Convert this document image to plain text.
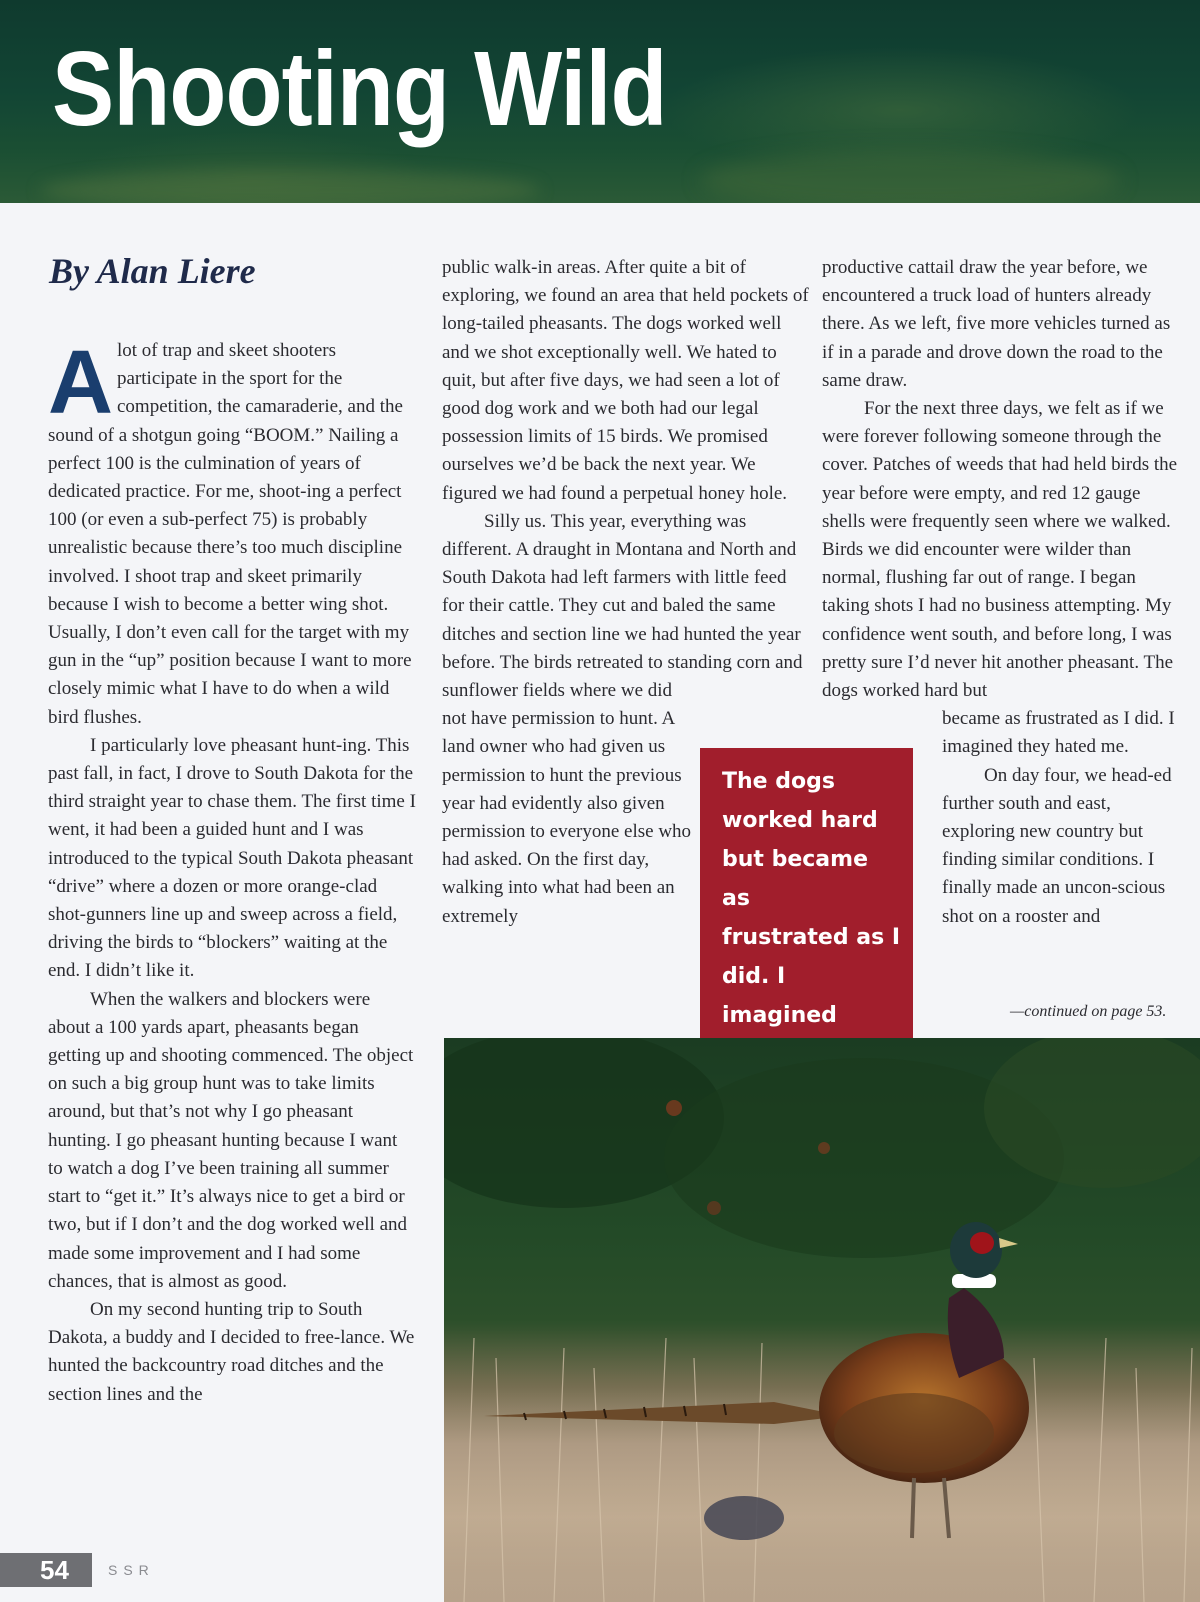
Shooting Wild
By Alan Liere

Alot of trap and skeet shooters participate in the sport for the competition, the camaraderie, and the sound of a shotgun going “BOOM.” Nailing a perfect 100 is the culmination of years of dedicated practice. For me, shoot-ing a perfect 100 (or even a sub-perfect 75) is probably unrealistic because there’s too much discipline involved. I shoot trap and skeet primarily because I wish to become a better wing shot. Usually, I don’t even call for the target with my gun in the “up” position because I want to more closely mimic what I have to do when a wild bird flushes.

I particularly love pheasant hunt-ing. This past fall, in fact, I drove to South Dakota for the third straight year to chase them. The first time I went, it had been a guided hunt and I was introduced to the typical South Dakota pheasant “drive” where a dozen or more orange-clad shot-gunners line up and sweep across a field, driving the birds to “blockers” waiting at the end. I didn’t like it.

When the walkers and blockers were about a 100 yards apart, pheasants began getting up and shooting commenced. The object on such a big group hunt was to take limits around, but that’s not why I go pheasant hunting. I go pheasant hunting because I want to watch a dog I’ve been training all summer start to “get it.” It’s always nice to get a bird or two, but if I don’t and the dog worked well and made some improvement and I had some chances, that is almost as good.

On my second hunting trip to South Dakota, a buddy and I decided to free-lance. We hunted the backcountry road ditches and the section lines and the

public walk-in areas. After quite a bit of exploring, we found an area that held pockets of long-tailed pheasants. The dogs worked well and we shot exceptionally well. We hated to quit, but after five days, we had seen a lot of good dog work and we both had our legal possession limits of 15 birds. We promised ourselves we’d be back the next year. We figured we had found a perpetual honey hole.

Silly us. This year, everything was different. A draught in Montana and North and South Dakota had left farmers with little feed for their cattle. They cut and baled the same ditches and section line we had hunted the year before. The birds retreated to standing corn and

sunflower fields where we did not have permission to hunt. A land owner who had given us permission to hunt the previous year had evidently also given permission to everyone else who had asked. On the first day, walking into what had been an extremely

productive cattail draw the year before, we encountered a truck load of hunters already there. As we left, five more vehicles turned as if in a parade and drove down the road to the same draw.

For the next three days, we felt as if we were forever following someone through the cover. Patches of weeds that had held birds the year before were empty, and red 12 gauge shells were frequently seen where we walked. Birds we did encounter were wilder than normal, flushing far out of range. I began taking shots I had no business attempting. My confidence went south, and before long, I was pretty sure I’d never hit another pheasant. The dogs worked hard but

became as frustrated as I did. I imagined they hated me.

On day four, we head-ed further south and east, exploring new country but finding similar conditions. I finally made an uncon-scious shot on a rooster and

—continued on page 53.

The dogs

worked hard

but became as

frustrated as I

did. I imagined

54	SSR
